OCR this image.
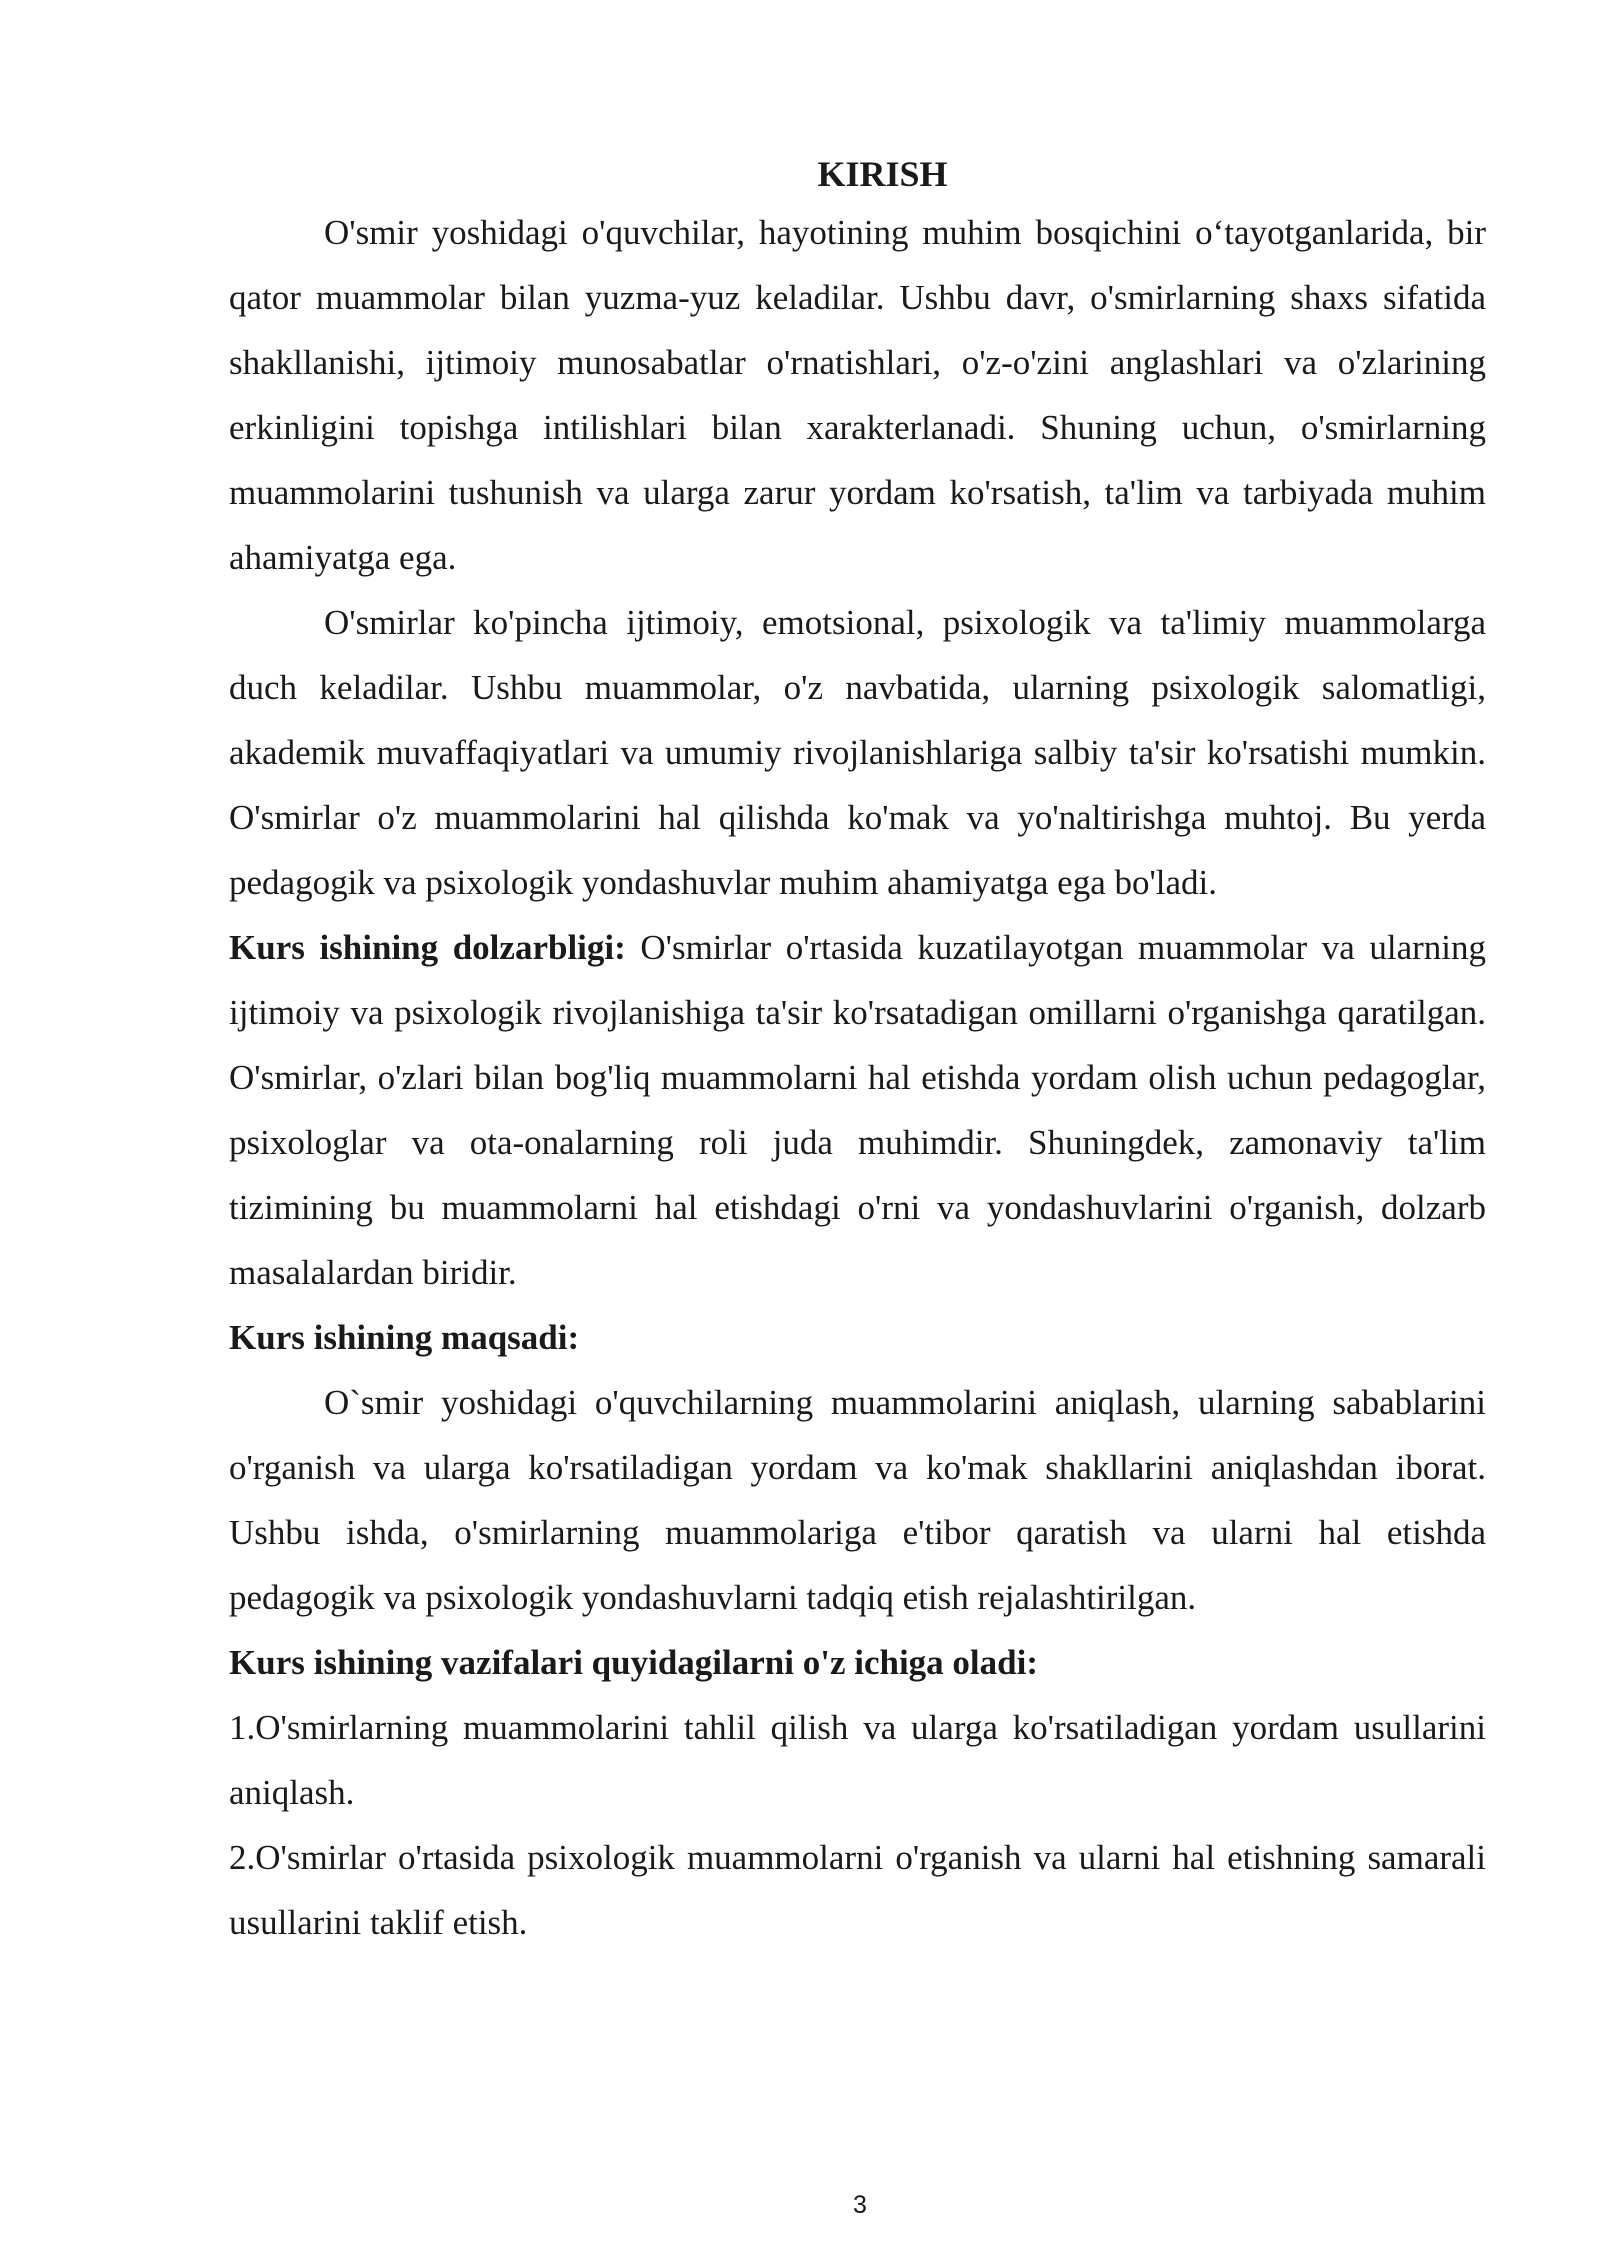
KIRISH

O'smir yoshidagi o'quvchilar, hayotining muhim bosqichini o‘tayotganlarida, bir qator muammolar bilan yuzma-yuz keladilar. Ushbu davr, o'smirlarning shaxs sifatida shakllanishi, ijtimoiy munosabatlar o'rnatishlari, o'z-o'zini anglashlari va o'zlarining erkinligini topishga intilishlari bilan xarakterlanadi. Shuning uchun, o'smirlarning muammolarini tushunish va ularga zarur yordam ko'rsatish, ta'lim va tarbiyada muhim ahamiyatga ega.

O'smirlar ko'pincha ijtimoiy, emotsional, psixologik va ta'limiy muammolarga duch keladilar. Ushbu muammolar, o'z navbatida, ularning psixologik salomatligi, akademik muvaffaqiyatlari va umumiy rivojlanishlariga salbiy ta'sir ko'rsatishi mumkin. O'smirlar o'z muammolarini hal qilishda ko'mak va yo'naltirishga muhtoj. Bu yerda pedagogik va psixologik yondashuvlar muhim ahamiyatga ega bo'ladi.

Kurs ishining dolzarbligi: O'smirlar o'rtasida kuzatilayotgan muammolar va ularning ijtimoiy va psixologik rivojlanishiga ta'sir ko'rsatadigan omillarni o'rganishga qaratilgan. O'smirlar, o'zlari bilan bog'liq muammolarni hal etishda yordam olish uchun pedagoglar, psixologlar va ota-onalarning roli juda muhimdir. Shuningdek, zamonaviy ta'lim tizimining bu muammolarni hal etishdagi o'rni va yondashuvlarini o'rganish, dolzarb masalalardan biridir.

Kurs ishining maqsadi:

O`smir yoshidagi o'quvchilarning muammolarini aniqlash, ularning sabablarini o'rganish va ularga ko'rsatiladigan yordam va ko'mak shakllarini aniqlashdan iborat. Ushbu ishda, o'smirlarning muammolariga e'tibor qaratish va ularni hal etishda pedagogik va psixologik yondashuvlarni tadqiq etish rejalashtirilgan.

Kurs ishining vazifalari quyidagilarni o'z ichiga oladi:

1.O'smirlarning muammolarini tahlil qilish va ularga ko'rsatiladigan yordam usullarini aniqlash.

2.O'smirlar o'rtasida psixologik muammolarni o'rganish va ularni hal etishning samarali usullarini taklif etish.

3
